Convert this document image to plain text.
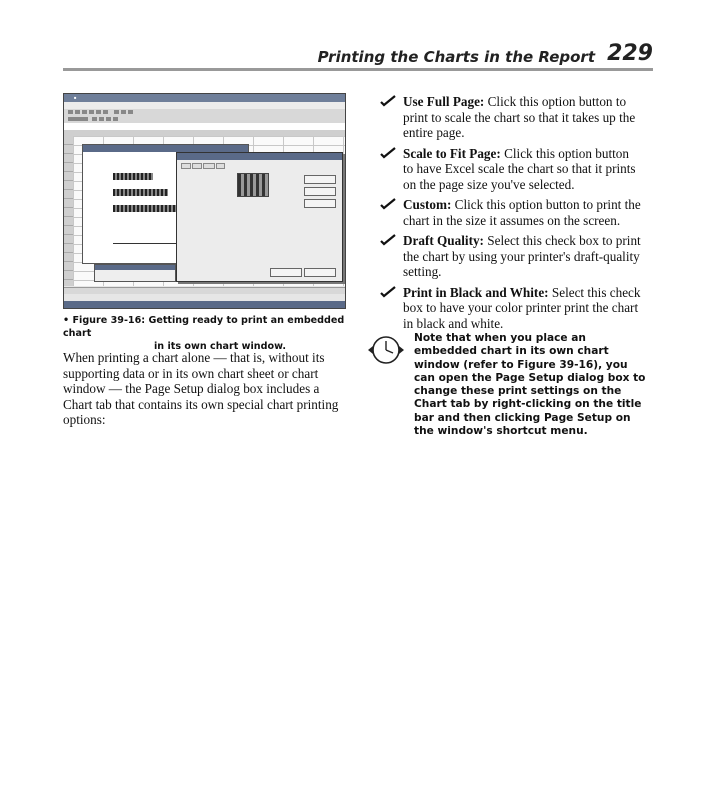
Printing the Charts in the Report 229
■

• Figure 39-16: Getting ready to print an embedded chart
in its own chart window.

When printing a chart alone — that is, without its supporting data or in its own chart sheet or chart window — the Page Setup dialog box includes a Chart tab that contains its own special chart printing options:

Use Full Page: Click this option button to print to scale the chart so that it takes up the entire page.
Scale to Fit Page: Click this option button to have Excel scale the chart so that it prints on the page size you've selected.
Custom: Click this option button to print the chart in the size it assumes on the screen.
Draft Quality: Select this check box to print the chart by using your printer's draft-quality setting.
Print in Black and White: Select this check box to have your color printer print the chart in black and white.
Note that when you place an embedded chart in its own chart window (refer to Figure 39-16), you can open the Page Setup dialog box to change these print settings on the Chart tab by right-clicking on the title bar and then clicking Page Setup on the window's shortcut menu.
